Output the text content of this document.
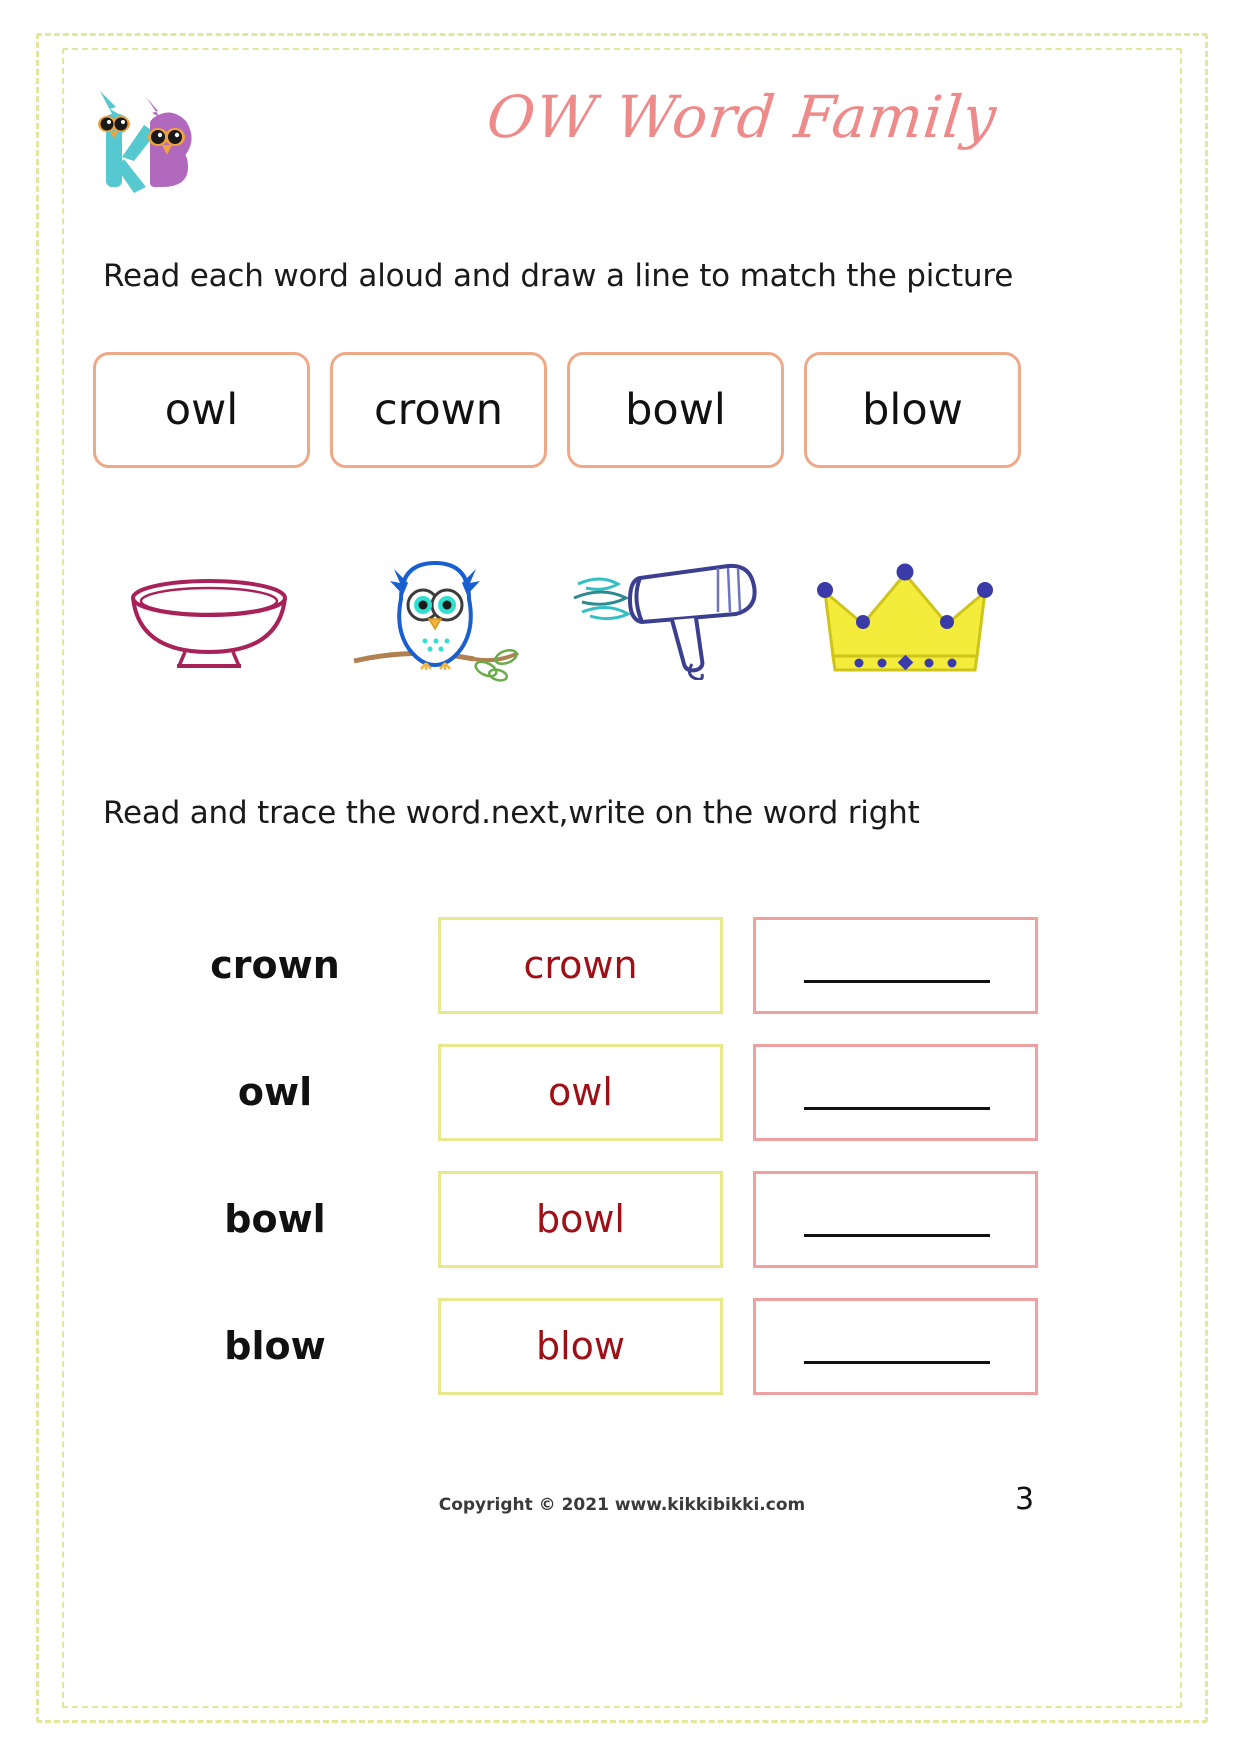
OW Word Family
Read each word aloud and draw a line to match the picture
owl	crown	bowl	blow
Read and trace the word.next,write on the word right
crown	crown
owl	owl
bowl	bowl
blow	blow
Copyright © 2021 www.kikkibikki.com	3
